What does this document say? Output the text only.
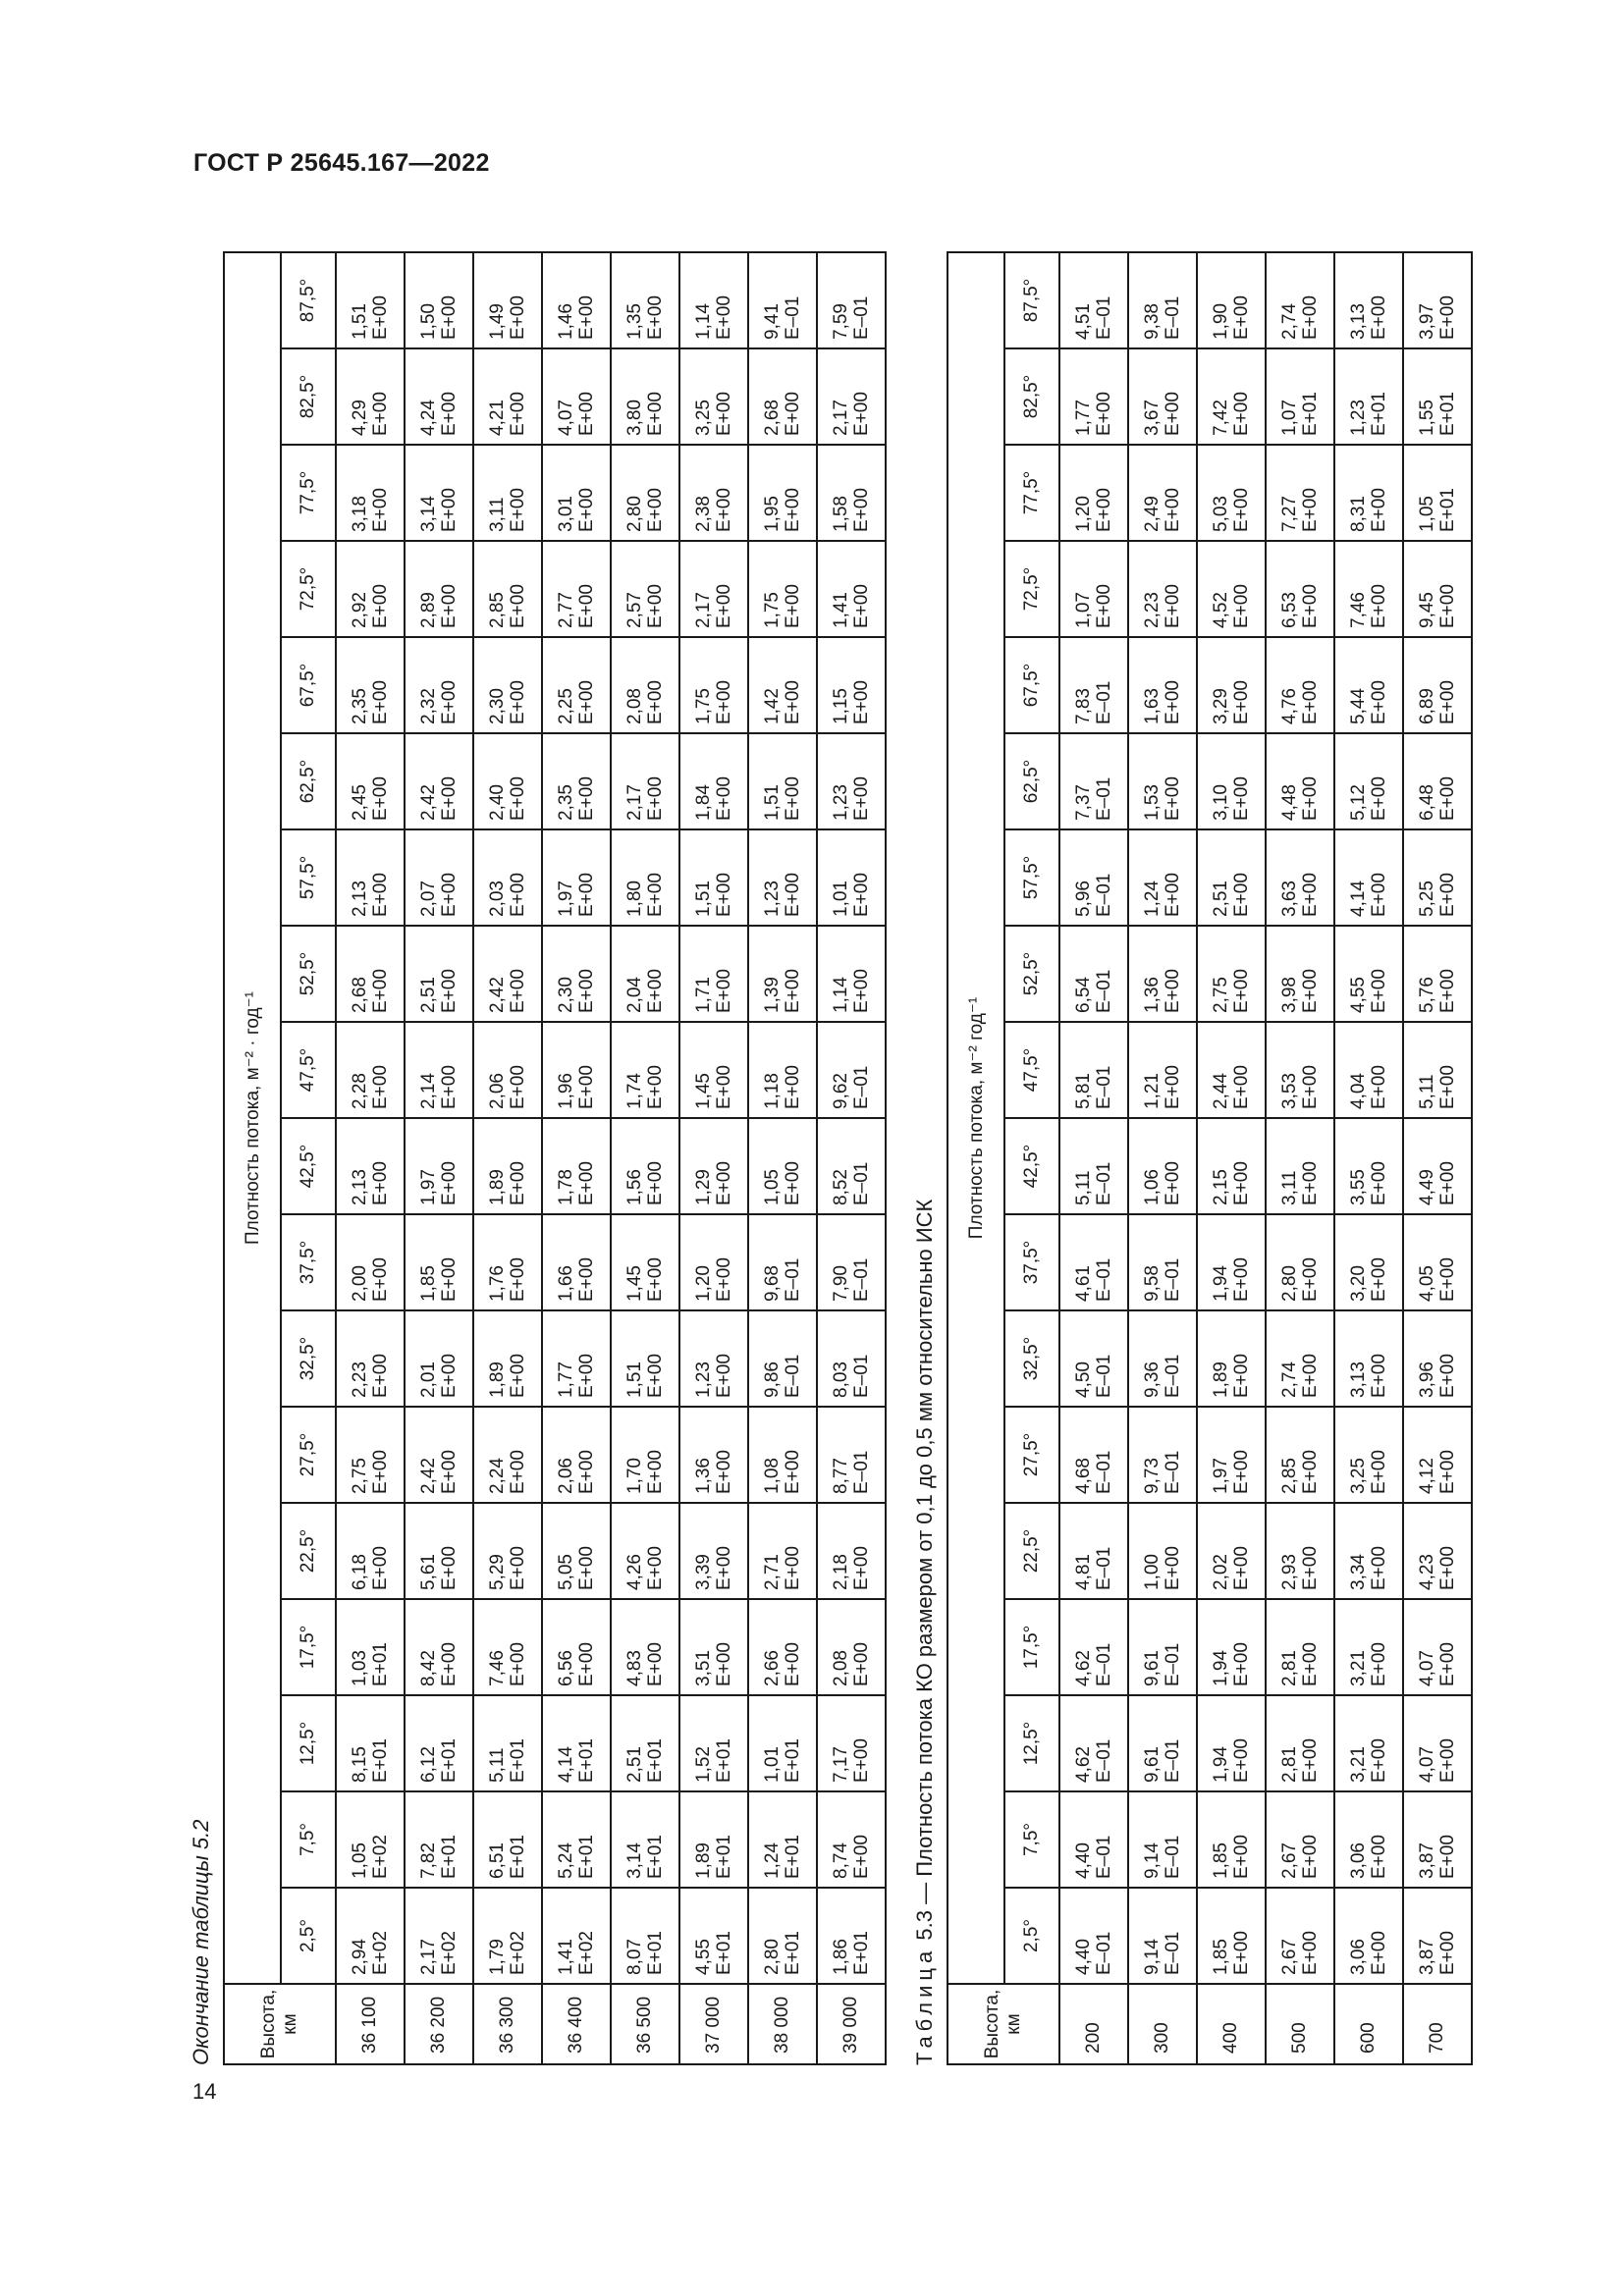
ГОСТ Р 25645.167—2022
Окончание таблицы 5.2	Высота, км	Плотность потока, м⁻² · год⁻¹																	
	2,5°	7,5°	12,5°	17,5°	22,5°	27,5°	32,5°	37,5°	42,5°	47,5°	52,5°	57,5°	62,5°	67,5°	72,5°	77,5°	82,5°	87,5°
36 100	2,94 E+02	1,05 E+02	8,15 E+01	1,03 E+01	6,18 E+00	2,75 E+00	2,23 E+00	2,00 E+00	2,13 E+00	2,28 E+00	2,68 E+00	2,13 E+00	2,45 E+00	2,35 E+00	2,92 E+00	3,18 E+00	4,29 E+00	1,51 E+00

36 200	2,17 E+02	7,82 E+01	6,12 E+01	8,42 E+00	5,61 E+00	2,42 E+00	2,01 E+00	1,85 E+00	1,97 E+00	2,14 E+00	2,51 E+00	2,07 E+00	2,42 E+00	2,32 E+00	2,89 E+00	3,14 E+00	4,24 E+00	1,50 E+00

36 300	1,79 E+02	6,51 E+01	5,11 E+01	7,46 E+00	5,29 E+00	2,24 E+00	1,89 E+00	1,76 E+00	1,89 E+00	2,06 E+00	2,42 E+00	2,03 E+00	2,40 E+00	2,30 E+00	2,85 E+00	3,11 E+00	4,21 E+00	1,49 E+00

36 400	1,41 E+02	5,24 E+01	4,14 E+01	6,56 E+00	5,05 E+00	2,06 E+00	1,77 E+00	1,66 E+00	1,78 E+00	1,96 E+00	2,30 E+00	1,97 E+00	2,35 E+00	2,25 E+00	2,77 E+00	3,01 E+00	4,07 E+00	1,46 E+00

36 500	8,07 E+01	3,14 E+01	2,51 E+01	4,83 E+00	4,26 E+00	1,70 E+00	1,51 E+00	1,45 E+00	1,56 E+00	1,74 E+00	2,04 E+00	1,80 E+00	2,17 E+00	2,08 E+00	2,57 E+00	2,80 E+00	3,80 E+00	1,35 E+00

37 000	4,55 E+01	1,89 E+01	1,52 E+01	3,51 E+00	3,39 E+00	1,36 E+00	1,23 E+00	1,20 E+00	1,29 E+00	1,45 E+00	1,71 E+00	1,51 E+00	1,84 E+00	1,75 E+00	2,17 E+00	2,38 E+00	3,25 E+00	1,14 E+00

38 000	2,80 E+01	1,24 E+01	1,01 E+01	2,66 E+00	2,71 E+00	1,08 E+00	9,86 E–01	9,68 E–01	1,05 E+00	1,18 E+00	1,39 E+00	1,23 E+00	1,51 E+00	1,42 E+00	1,75 E+00	1,95 E+00	2,68 E+00	9,41 E–01

39 000	1,86 E+01	8,74 E+00	7,17 E+00	2,08 E+00	2,18 E+00	8,77 E–01	8,03 E–01	7,90 E–01	8,52 E–01	9,62 E–01	1,14 E+00	1,01 E+00	1,23 E+00	1,15 E+00	1,41 E+00	1,58 E+00	2,17 E+00	7,59 E–01
Таблица 5.3 — Плотность потока КО размером от 0,1 до 0,5 мм относительно ИСК
Высота, км	Плотность потока, м⁻² год⁻¹																	
	2,5°	7,5°	12,5°	17,5°	22,5°	27,5°	32,5°	37,5°	42,5°	47,5°	52,5°	57,5°	62,5°	67,5°	72,5°	77,5°	82,5°	87,5°
200	4,40 E–01	4,40 E–01	4,62 E–01	4,62 E–01	4,81 E–01	4,68 E–01	4,50 E–01	4,61 E–01	5,11 E–01	5,81 E–01	6,54 E–01	5,96 E–01	7,37 E–01	7,83 E–01	1,07 E+00	1,20 E+00	1,77 E+00	4,51 E–01

300	9,14 E–01	9,14 E–01	9,61 E–01	9,61 E–01	1,00 E+00	9,73 E–01	9,36 E–01	9,58 E–01	1,06 E+00	1,21 E+00	1,36 E+00	1,24 E+00	1,53 E+00	1,63 E+00	2,23 E+00	2,49 E+00	3,67 E+00	9,38 E–01

400	1,85 E+00	1,85 E+00	1,94 E+00	1,94 E+00	2,02 E+00	1,97 E+00	1,89 E+00	1,94 E+00	2,15 E+00	2,44 E+00	2,75 E+00	2,51 E+00	3,10 E+00	3,29 E+00	4,52 E+00	5,03 E+00	7,42 E+00	1,90 E+00

500	2,67 E+00	2,67 E+00	2,81 E+00	2,81 E+00	2,93 E+00	2,85 E+00	2,74 E+00	2,80 E+00	3,11 E+00	3,53 E+00	3,98 E+00	3,63 E+00	4,48 E+00	4,76 E+00	6,53 E+00	7,27 E+00	1,07 E+01	2,74 E+00

600	3,06 E+00	3,06 E+00	3,21 E+00	3,21 E+00	3,34 E+00	3,25 E+00	3,13 E+00	3,20 E+00	3,55 E+00	4,04 E+00	4,55 E+00	4,14 E+00	5,12 E+00	5,44 E+00	7,46 E+00	8,31 E+00	1,23 E+01	3,13 E+00

700	3,87 E+00	3,87 E+00	4,07 E+00	4,07 E+00	4,23 E+00	4,12 E+00	3,96 E+00	4,05 E+00	4,49 E+00	5,11 E+00	5,76 E+00	5,25 E+00	6,48 E+00	6,89 E+00	9,45 E+00	1,05 E+01	1,55 E+01	3,97 E+00
14
